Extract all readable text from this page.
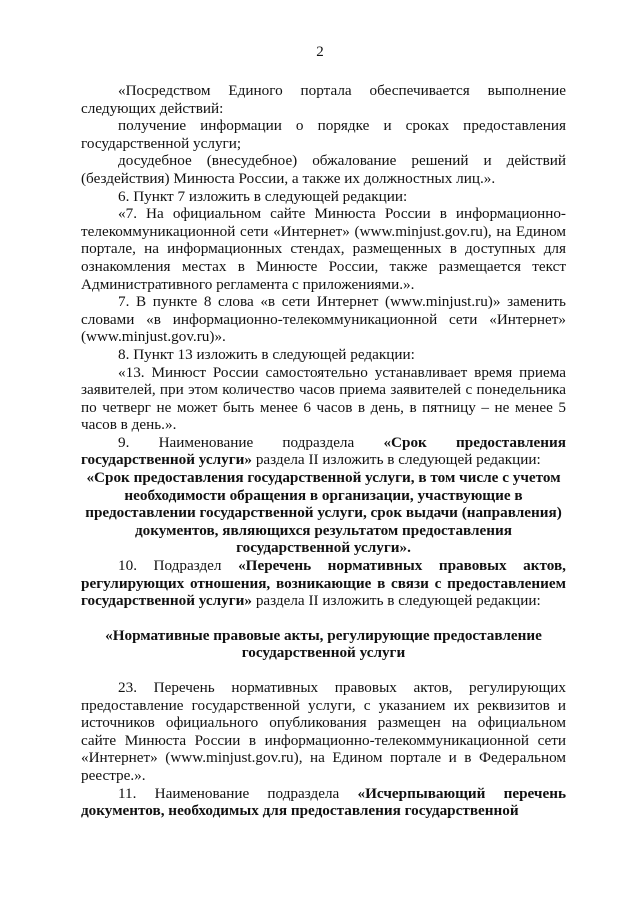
2

«Посредством Единого портала обеспечивается выполнение следующих действий:

получение информации о порядке и сроках предоставления государственной услуги;

досудебное (внесудебное) обжалование решений и действий (бездействия) Минюста России, а также их должностных лиц.».

6. Пункт 7 изложить в следующей редакции:

«7. На официальном сайте Минюста России в информационно-телекоммуникационной сети «Интернет» (www.minjust.gov.ru), на Едином портале, на информационных стендах, размещенных в доступных для ознакомления местах в Минюсте России, также размещается текст Административного регламента с приложениями.».

7. В пункте 8 слова «в сети Интернет (www.minjust.ru)» заменить словами «в информационно-телекоммуникационной сети «Интернет» (www.minjust.gov.ru)».

8. Пункт 13 изложить в следующей редакции:

«13. Минюст России самостоятельно устанавливает время приема заявителей, при этом количество часов приема заявителей с понедельника по четверг не может быть менее 6 часов в день, в пятницу – не менее 5 часов в день.».

9. Наименование подраздела «Срок предоставления государственной услуги» раздела II изложить в следующей редакции:

«Срок предоставления государственной услуги, в том числе с учетом необходимости обращения в организации, участвующие в предоставлении государственной услуги, срок выдачи (направления) документов, являющихся результатом предоставления государственной услуги».

10. Подраздел «Перечень нормативных правовых актов, регулирующих отношения, возникающие в связи с предоставлением государственной услуги» раздела II изложить в следующей редакции:

«Нормативные правовые акты, регулирующие предоставление государственной услуги

23. Перечень нормативных правовых актов, регулирующих предоставление государственной услуги, с указанием их реквизитов и источников официального опубликования размещен на официальном сайте Минюста России в информационно-телекоммуникационной сети «Интернет» (www.minjust.gov.ru), на Едином портале и в Федеральном реестре.».

11. Наименование подраздела «Исчерпывающий перечень документов, необходимых для предоставления государственной
